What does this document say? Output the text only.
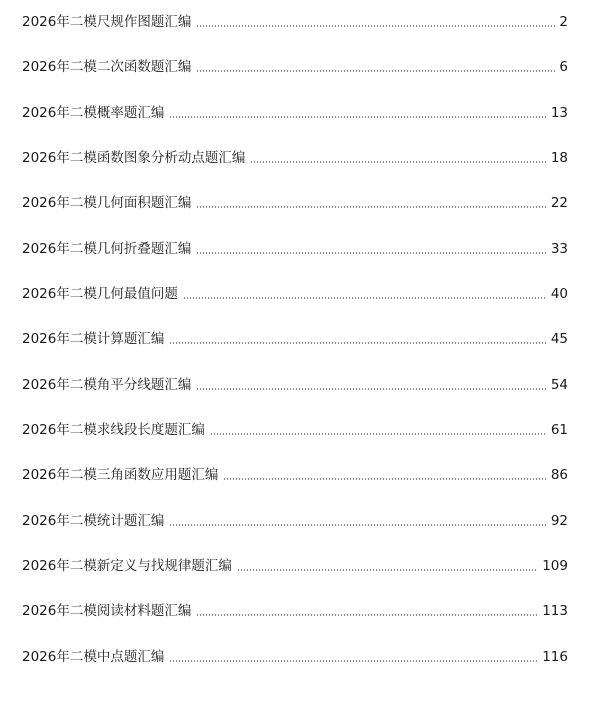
2026年二模尺规作图题汇编	2
2026年二模二次函数题汇编	6
2026年二模概率题汇编	13
2026年二模函数图象分析动点题汇编	18
2026年二模几何面积题汇编	22
2026年二模几何折叠题汇编	33
2026年二模几何最值问题	40
2026年二模计算题汇编	45
2026年二模角平分线题汇编	54
2026年二模求线段长度题汇编	61
2026年二模三角函数应用题汇编	86
2026年二模统计题汇编	92
2026年二模新定义与找规律题汇编	109
2026年二模阅读材料题汇编	113
2026年二模中点题汇编	116
